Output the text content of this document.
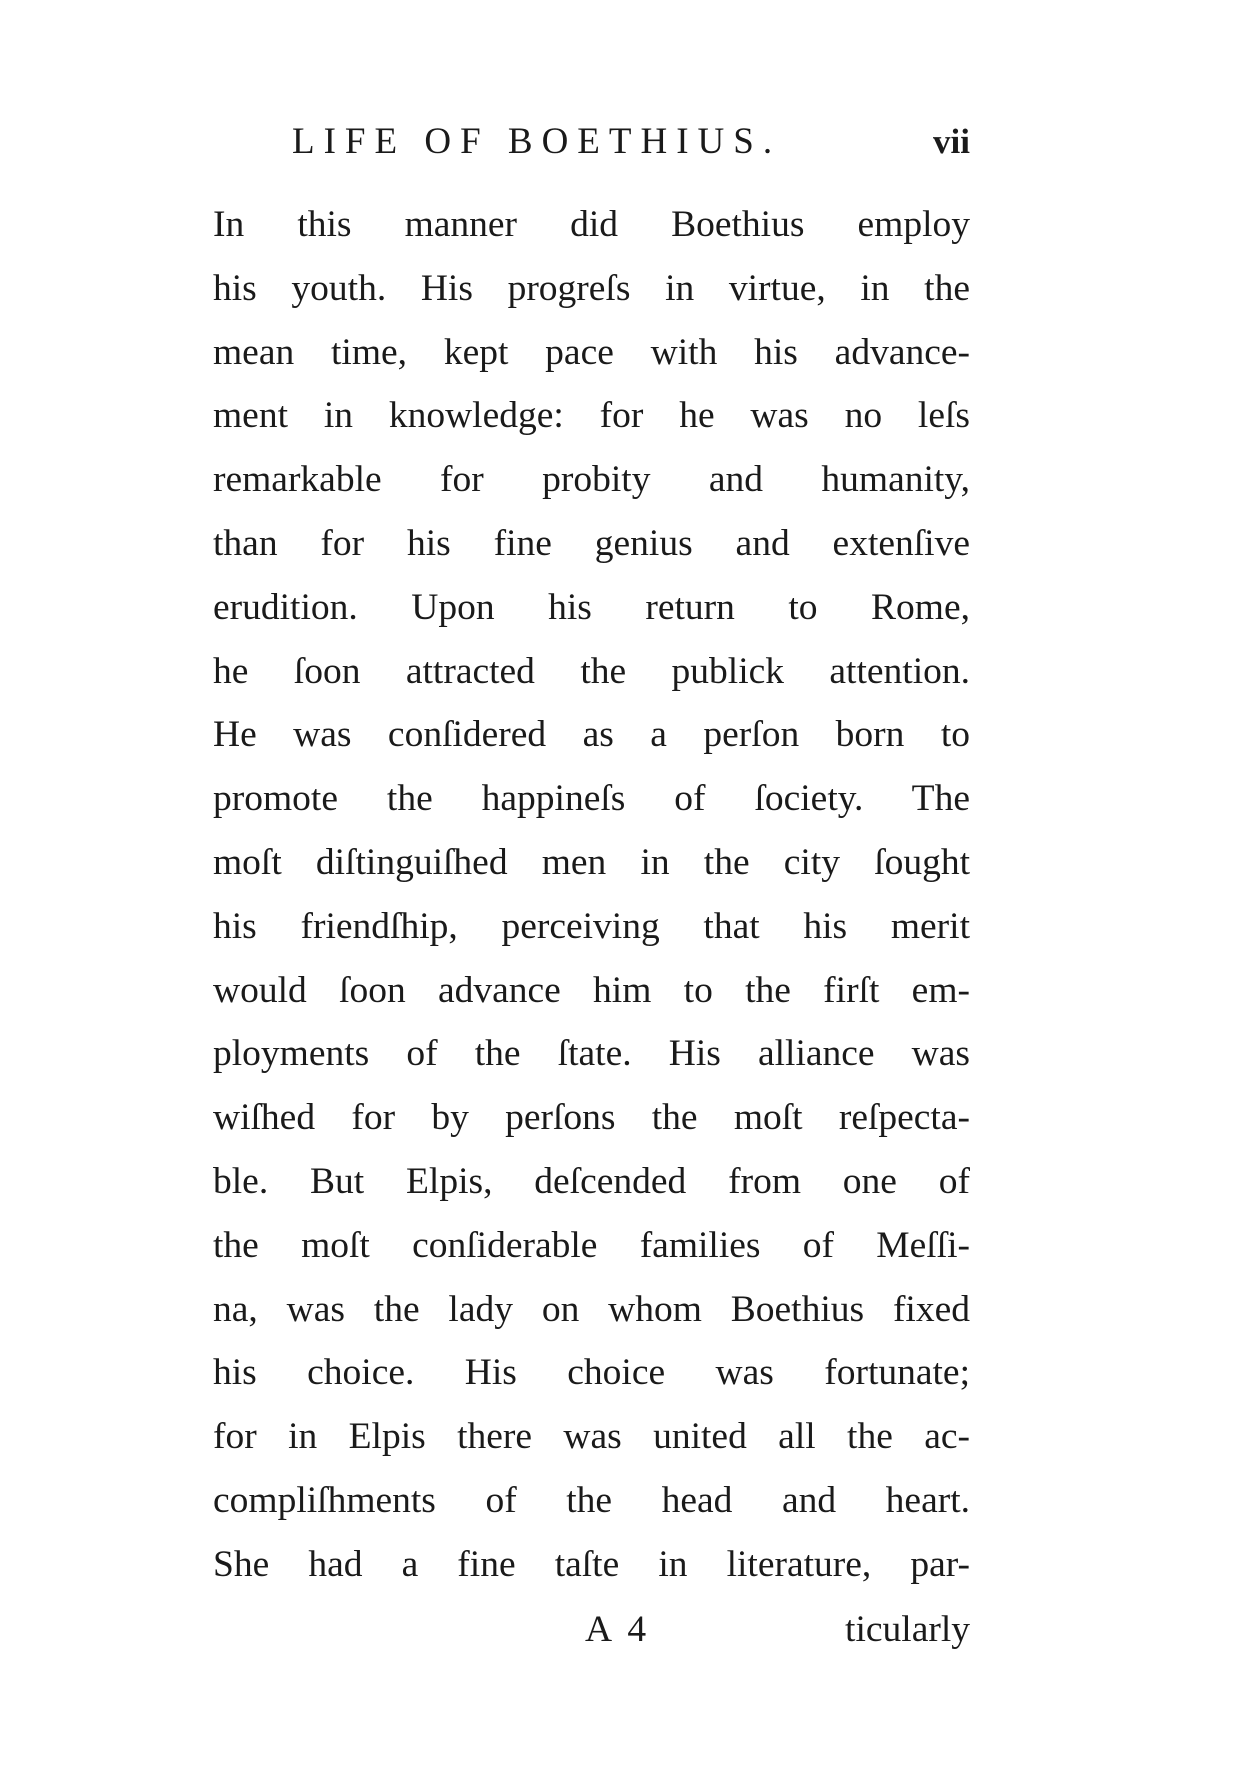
LIFE OF BOETHIUS.	vii
In this manner did Boethius employ
his youth. His progreſs in virtue, in the
mean time, kept pace with his advance-
ment in knowledge: for he was no leſs
remarkable for probity and humanity,
than for his fine genius and extenſive
erudition. Upon his return to Rome,
he ſoon attracted the publick attention.
He was conſidered as a perſon born to
promote the happineſs of ſociety. The
moſt diſtinguiſhed men in the city ſought
his friendſhip, perceiving that his merit
would ſoon advance him to the firſt em-
ployments of the ſtate. His alliance was
wiſhed for by perſons the moſt reſpecta-
ble. But Elpis, deſcended from one of
the moſt conſiderable families of Meſſi-
na, was the lady on whom Boethius fixed
his choice. His choice was fortunate;
for in Elpis there was united all the ac-
compliſhments of the head and heart.
She had a fine taſte in literature, par-
A 4	ticularly
